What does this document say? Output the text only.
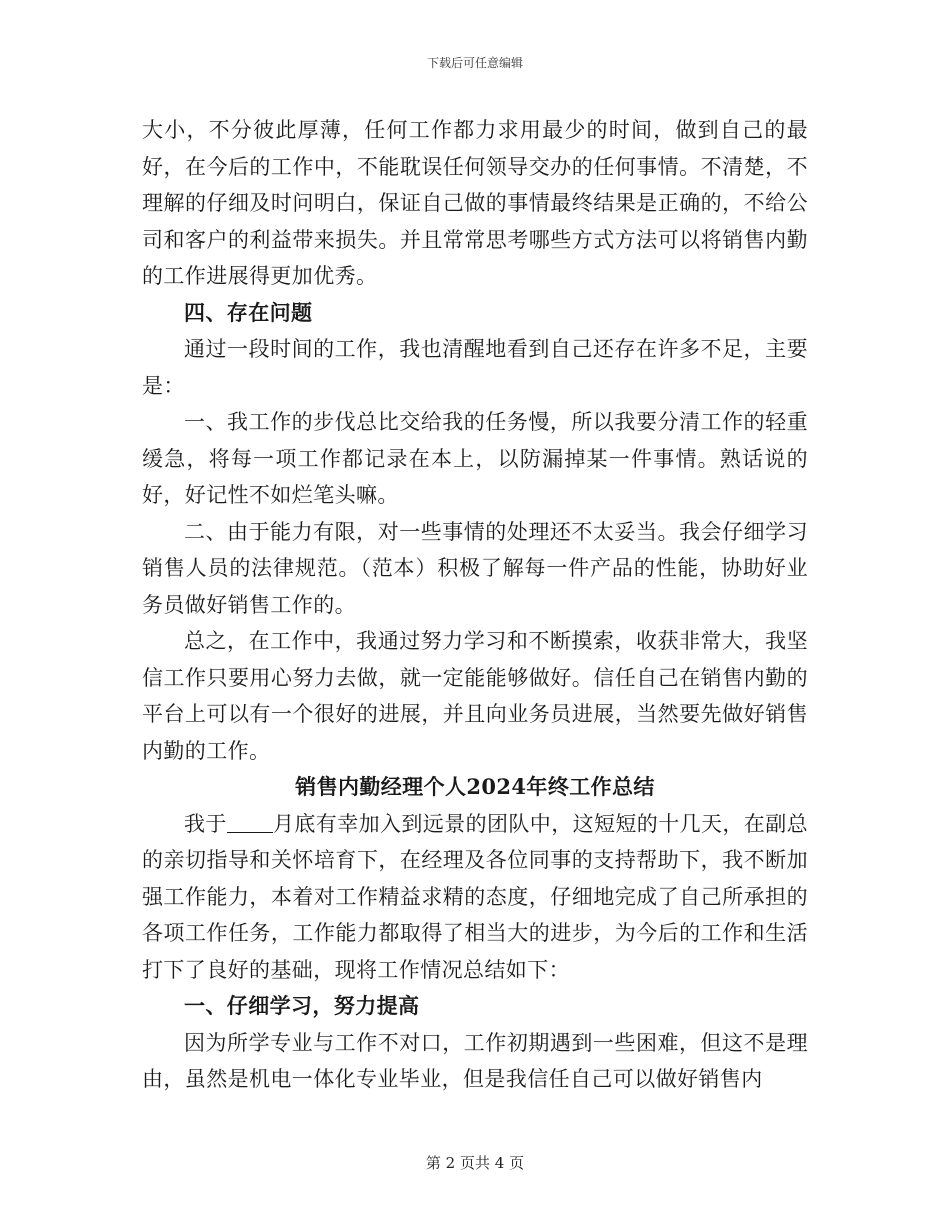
下载后可任意编辑

大小，不分彼此厚薄，任何工作都力求用最少的时间，做到自己的最好，在今后的工作中，不能耽误任何领导交办的任何事情。不清楚，不理解的仔细及时问明白，保证自己做的事情最终结果是正确的，不给公司和客户的利益带来损失。并且常常思考哪些方式方法可以将销售内勤的工作进展得更加优秀。

四、存在问题

通过一段时间的工作，我也清醒地看到自己还存在许多不足，主要是：

一、我工作的步伐总比交给我的任务慢，所以我要分清工作的轻重缓急，将每一项工作都记录在本上，以防漏掉某一件事情。熟话说的好，好记性不如烂笔头嘛。

二、由于能力有限，对一些事情的处理还不太妥当。我会仔细学习销售人员的法律规范。（范本）积极了解每一件产品的性能，协助好业务员做好销售工作的。

总之，在工作中，我通过努力学习和不断摸索，收获非常大，我坚信工作只要用心努力去做，就一定能能够做好。信任自己在销售内勤的平台上可以有一个很好的进展，并且向业务员进展，当然要先做好销售内勤的工作。

销售内勤经理个人2024年终工作总结

我于 月底有幸加入到远景的团队中，这短短的十几天，在副总的亲切指导和关怀培育下，在经理及各位同事的支持帮助下，我不断加强工作能力，本着对工作精益求精的态度，仔细地完成了自己所承担的各项工作任务，工作能力都取得了相当大的进步，为今后的工作和生活打下了良好的基础，现将工作情况总结如下：

一、仔细学习，努力提高

因为所学专业与工作不对口，工作初期遇到一些困难，但这不是理由，虽然是机电一体化专业毕业，但是我信任自己可以做好销售内

第 2 页共 4 页
